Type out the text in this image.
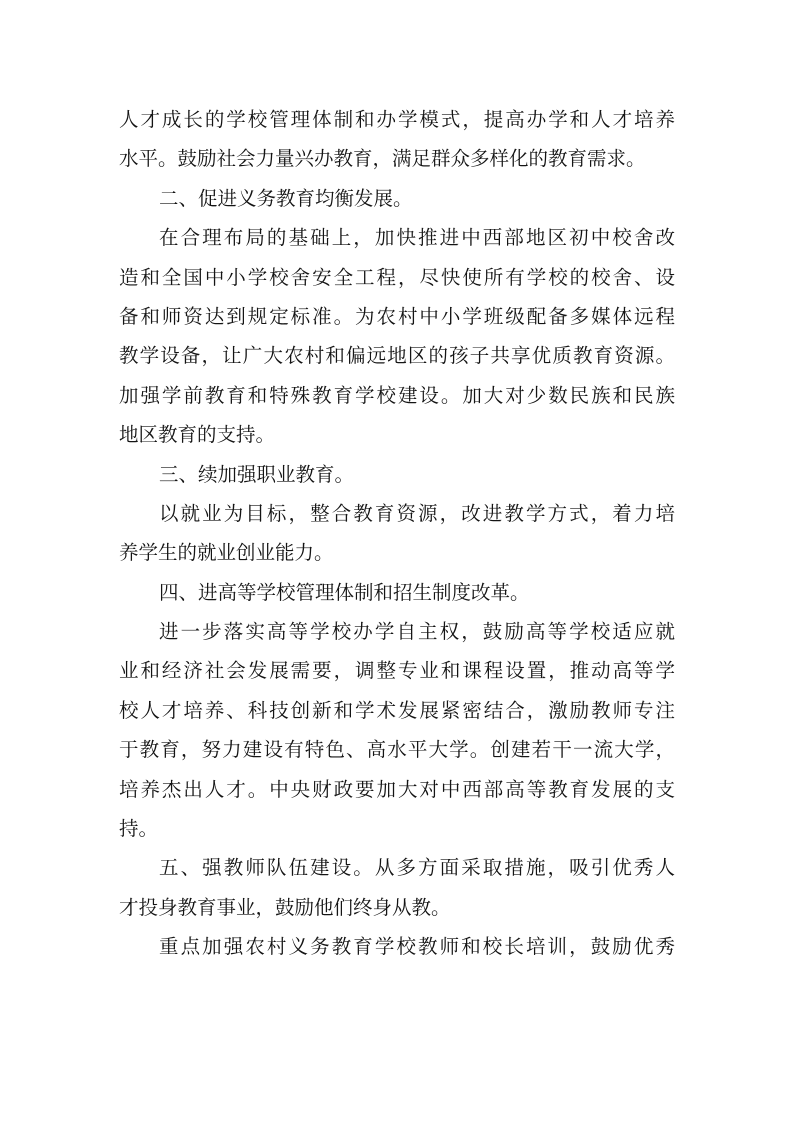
人才成长的学校管理体制和办学模式，提高办学和人才培养
水平。鼓励社会力量兴办教育，满足群众多样化的教育需求。
二、促进义务教育均衡发展。
在合理布局的基础上，加快推进中西部地区初中校舍改
造和全国中小学校舍安全工程，尽快使所有学校的校舍、设
备和师资达到规定标准。为农村中小学班级配备多媒体远程
教学设备，让广大农村和偏远地区的孩子共享优质教育资源。
加强学前教育和特殊教育学校建设。加大对少数民族和民族
地区教育的支持。
三、续加强职业教育。
以就业为目标，整合教育资源，改进教学方式，着力培
养学生的就业创业能力。
四、进高等学校管理体制和招生制度改革。
进一步落实高等学校办学自主权，鼓励高等学校适应就
业和经济社会发展需要，调整专业和课程设置，推动高等学
校人才培养、科技创新和学术发展紧密结合，激励教师专注
于教育，努力建设有特色、高水平大学。创建若干一流大学，
培养杰出人才。中央财政要加大对中西部高等教育发展的支
持。
五、强教师队伍建设。从多方面采取措施，吸引优秀人
才投身教育事业，鼓励他们终身从教。
重点加强农村义务教育学校教师和校长培训，鼓励优秀
